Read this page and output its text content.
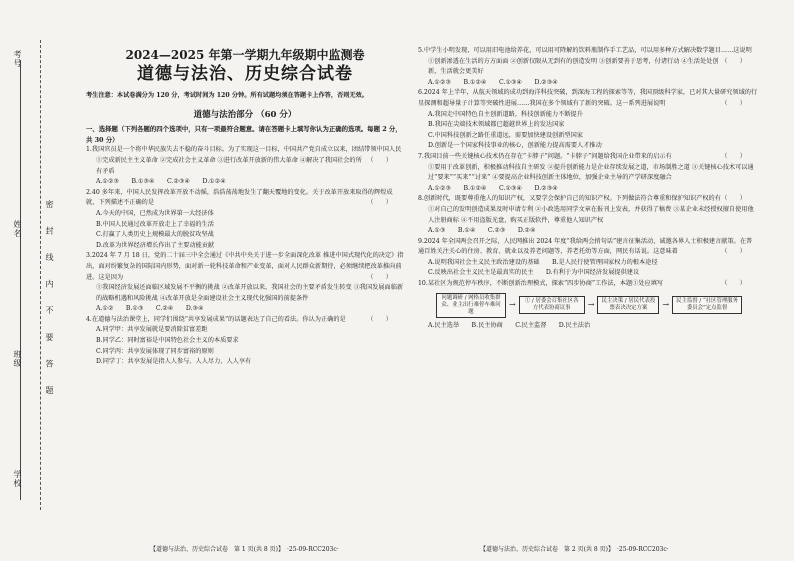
考号
姓名
班级
学校
密 封 线 内 不 要 答 题
2024—2025 年第一学期九年级期中监测卷
道德与法治、历史综合试卷

考生注意：本试卷满分为 120 分，考试时间为 120 分钟。所有试题均须在答题卡上作答，否则无效。

道德与法治部分 （60 分）

一、选择题（下列各题的四个选项中，只有一项最符合题意。请在答题卡上填写你认为正确的选项。每题 2 分，共 30 分）

1.我国官员是一个将中华民族失去不稳的奋斗目标。为了实现这一目标，中国共产党自成立以来，团结带领中国人民
（　　）

①完成新民主主义革命 ②完成社会主义革命 ③进行改革开放新的伟大革命 ④解决了我国社会的所有矛盾

A.①②③　　B.①③④　　C.②③④　　D.①②④

2.40 多年来，中国人民发挥改革开放不动摇，浩浩荡荡地发生了翻天覆地的变化。关于改革开放来取得的辉煌成就，下列描述不正确的是	（　　）

A.今天的中国，已然成为世界第一大经济体

B.中国人民通过改革开放走上了幸福的生活

C.打赢了人类历史上规模最大的脱贫攻坚战

D.改革为世界经济增长作出了主要动能贡献

3.2024 年 7 月 18 日，党的二十届三中全会通过《中共中央关于进一步全面深化改革 推进中国式现代化的决定》指出，面对纷繁复杂的国际国内形势，面对新一轮科技革命和产业变革，面对人民群众新期待，必须继续把改革推向前进。这是因为	（　　）

①我国经济发展还面临区域发展不平衡的挑战 ②改革开放以来，我国社会的主要矛盾发生转变 ③我国发展面临新的战略机遇和风险挑战 ④改革开放是全面建设社会主义现代化强国的前提条件

A.①②　　B.①③　　C.②④　　D.③④

4.在道德与法治课堂上，同学们围绕“共享发展成果”的话题表达了自己的看法。你认为正确的是	（　　）

A.同学甲：共享发展就是要消除贫富差距

B.同学乙：同时富裕是中国特色社会主义的本质要求

C.同学丙：共享发展体现了同步富裕的原则

D.同学丁：共享发展是指人人参与、人人尽力、人人享有

5.中学生小明发现，可以用旧电池给养花，可以用可降解的饮料瓶制作手工艺品，可以用多种方式解决数学题目……这说明
（　　）

①创新渗透在生活的方方面面 ②创新仅限从无到有的创造发明 ③创新要善于思考，付诸行动 ④生活处处创新，生活就会更美好

A.①②③　　B.①②④　　C.①③④　　D.②③④

6.2024 年上半年，从航天领域的成功到海洋科技突破，到深海工程的探索等等，我国顶级科学家，已对其大量研究领域的行星探测和超导量子计算等突破性进展……我国在多个领域有了新的突破。这一系列进展说明	（　　）

A.我国走中国特色自主创新道路，科技创新能力不断提升

B.我国在尖端技术领域都已超越世界上的发达国家

C.中国科技创新之路任重道远，需要加快建设创新型国家

D.创新是一个国家科技事业的核心，创新能力提高需要人才推动

7.我国目前一些关键核心技术仍在存在“卡脖子”问题。“卡脖子”问题给我国企业带来的启示有	（　　）

①要用于改革创新，积极推动科技自主研发 ②提升创新能力是企业存续发展之道，市场制胜之道 ③关键核心技术可以通过“要来”“买来”“讨来” ④要提高企业科技创新主体地位，加强企业主导的产学研深度融合

A.①②③　　B.①②④　　C.①③④　　D.②③④

8.创新时代，既要尊重他人的知识产权，又要学会保护自己的知识产权。下列做法符合尊重和保护知识产权的有 （　　）

①对自己的发明创造成果及时申请专利 ②小政选用同学文章在报刊上发表，并获得了稿费 ③某企业未经授权擅自使用他人注册商标 ④不用盗版光盘，购买正版软件，尊重他人知识产权

A.①③　　B.①④　　C.②③　　D.②④

9.2024 年全国两会召开之际，人民网推出 2024 年度“我给两会捎句话”建言征集活动，诚邀各界人士积极建言献策。在普通百姓关注关心的住房、教育、就业以及养老问题等，养老托幼等方面，网民有话说。这意味着	（　　）

A.说明我国社会主义民主政治建设的基础　　B.是人民行使管理国家权力的根本途径

C.反映出社会主义民主是最真实的民主　　D.有利于为中国经济发展提供建议

10.某社区为规范停车秩序，不断创新治理模式，探索“四步协商”工作法，本题①处应填写	（　　）

问题调研 / 网格员收集群众、业主出行难停车难问题
→	① / 居委会召集社区各方代表协商议事	→	民主决策 / 居民代表投票表决决定方案	→	民主监督 / “社区管理服务委员会”定点监督

A.民主选举　　B.民主协商　　C.民主监督　　D.民主法治

【道德与法治、历史综合试卷　第 1 页(共 8 页)】　 ·25-09-RCC203c·	【道德与法治、历史综合试卷　第 2 页(共 8 页)】　 ·25-09-RCC203c·
